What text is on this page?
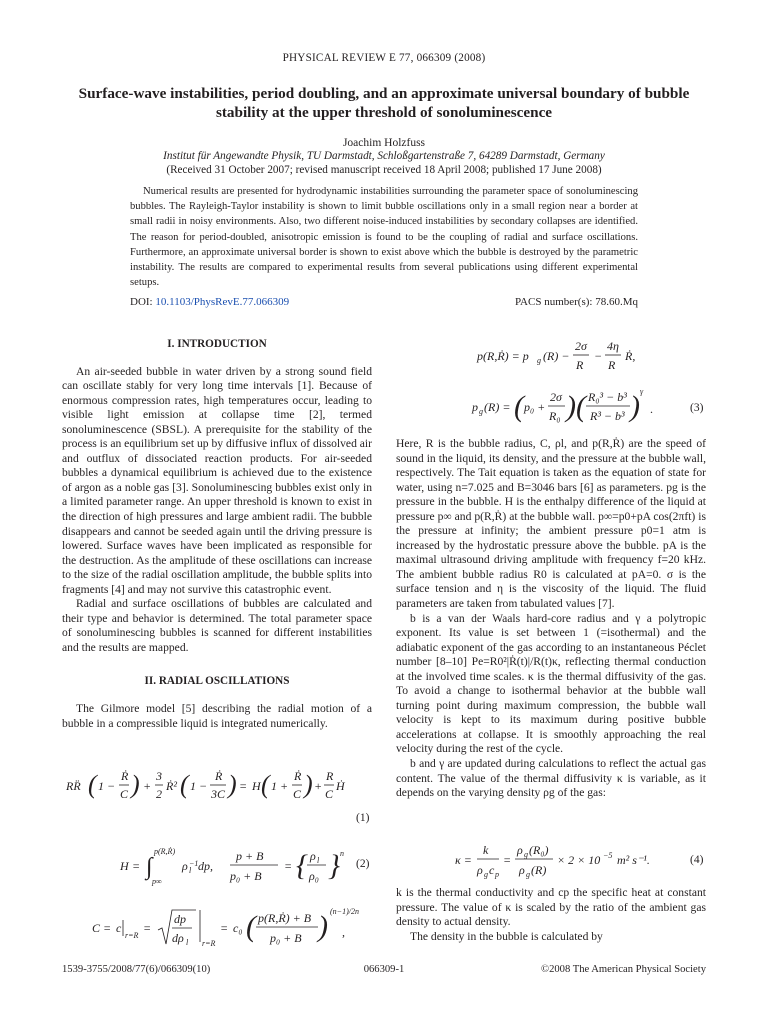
PHYSICAL REVIEW E 77, 066309 (2008)
Surface-wave instabilities, period doubling, and an approximate universal boundary of bubble stability at the upper threshold of sonoluminescence
Joachim Holzfuss
Institut für Angewandte Physik, TU Darmstadt, Schloßgartenstraße 7, 64289 Darmstadt, Germany
(Received 31 October 2007; revised manuscript received 18 April 2008; published 17 June 2008)

Numerical results are presented for hydrodynamic instabilities surrounding the parameter space of sonoluminescing bubbles. The Rayleigh-Taylor instability is shown to limit bubble oscillations only in a small region near a border at small radii in noisy environments. Also, two different noise-induced instabilities by secondary collapses are identified. The reason for period-doubled, anisotropic emission is found to be the coupling of radial and surface oscillations. Furthermore, an approximate universal border is shown to exist above which the bubble is destroyed by the parametric instability. The results are compared to experimental results from several publications using different experimental setups.

DOI: 10.1103/PhysRevE.77.066309	PACS number(s): 78.60.Mq
I. INTRODUCTION

An air-seeded bubble in water driven by a strong sound field can oscillate stably for very long time intervals [1]. Because of enormous compression rates, high temperatures occur, leading to visible light emission at collapse time [2], termed sonoluminescence (SBSL). A prerequisite for the stability of the process is an equilibrium set up by diffusive influx of dissolved air and outflux of dissociated reaction products. For air-seeded bubbles a dynamical equilibrium is achieved due to the existence of argon as a noble gas [3]. Sonoluminescing bubbles exist only in a limited parameter range. An upper threshold is known to exist in the direction of high pressures and large ambient radii. The bubble disappears and cannot be seeded again until the driving pressure is lowered. Surface waves have been implicated as responsible for the destruction. As the amplitude of these oscillations can increase to the size of the radial oscillation amplitude, the bubble splits into fragments [4] and may not survive this catastrophic event.

Radial and surface oscillations of bubbles are calculated and their type and behavior is determined. The total parameter space of sonoluminescing bubbles is scanned for different instabilities and the results are mapped.

II. RADIAL OSCILLATIONS

The Gilmore model [5] describing the radial motion of a bubble in a compressible liquid is integrated numerically.

RR̈ ( 1 −
Ṙ
C ) +
3
2
Ṙ² ( 1 −
Ṙ
3C ) = H ( 1 +
Ṙ
C ) +
R
C
Ḣ
(1)
H = ∫
p(R,Ṙ)
p∞
ρ −1
l dp,
p + B
p₀ + B
= { ρ l
ρ₀ } n
(2)
C = c
r=R
=
dp
dρ l r=R
= c₀ ( p(R,Ṙ) + B
p₀ + B ) (n−1)/2n
,
p(R,Ṙ) = p g (R) −
2σ
R
−
4η
R
Ṙ,
p g (R) = ( p₀ +
2σ
R₀ )( R₀³ − b³
R³ − b³ ) γ
.	(3)

Here, R is the bubble radius, C, ρl, and p(R,Ṙ) are the speed of sound in the liquid, its density, and the pressure at the bubble wall, respectively. The Tait equation is taken as the equation of state for water, using n=7.025 and B=3046 bars [6] as parameters. pg is the pressure in the bubble. H is the enthalpy difference of the liquid at pressure p∞ and p(R,Ṙ) at the bubble wall. p∞=p0+pA cos(2πft) is the pressure at infinity; the ambient pressure p0=1 atm is increased by the hydrostatic pressure above the bubble. pA is the maximal ultrasound driving amplitude with frequency f=20 kHz. The ambient bubble radius R0 is calculated at pA=0. σ is the surface tension and η is the viscosity of the liquid. The fluid parameters are taken from tabulated values [7].

b is a van der Waals hard-core radius and γ a polytropic exponent. Its value is set between 1 (=isothermal) and the adiabatic exponent of the gas according to an instantaneous Péclet number [8–10] Pe=R0²|Ṙ(t)|/R(t)κ, reflecting thermal conduction at the involved time scales. κ is the thermal diffusivity of the gas. To avoid a change to isothermal behavior at the bubble wall turning point during maximum compression, the bubble wall velocity is kept to its maximum during positive bubble accelerations at collapse. It is smoothly approaching the real velocity during the rest of the cycle.

b and γ are updated during calculations to reflect the actual gas content. The value of the thermal diffusivity κ is variable, as it depends on the varying density ρg of the gas:

κ =
k
ρ g c p
=
ρ g (R₀)
ρ g (R)
× 2 × 10 −5 m² s⁻¹.	(4)

k is the thermal conductivity and cp the specific heat at constant pressure. The value of κ is scaled by the ratio of the ambient gas density to actual density.

The density in the bubble is calculated by

1539-3755/2008/77(6)/066309(10)	066309-1	©2008 The American Physical Society
